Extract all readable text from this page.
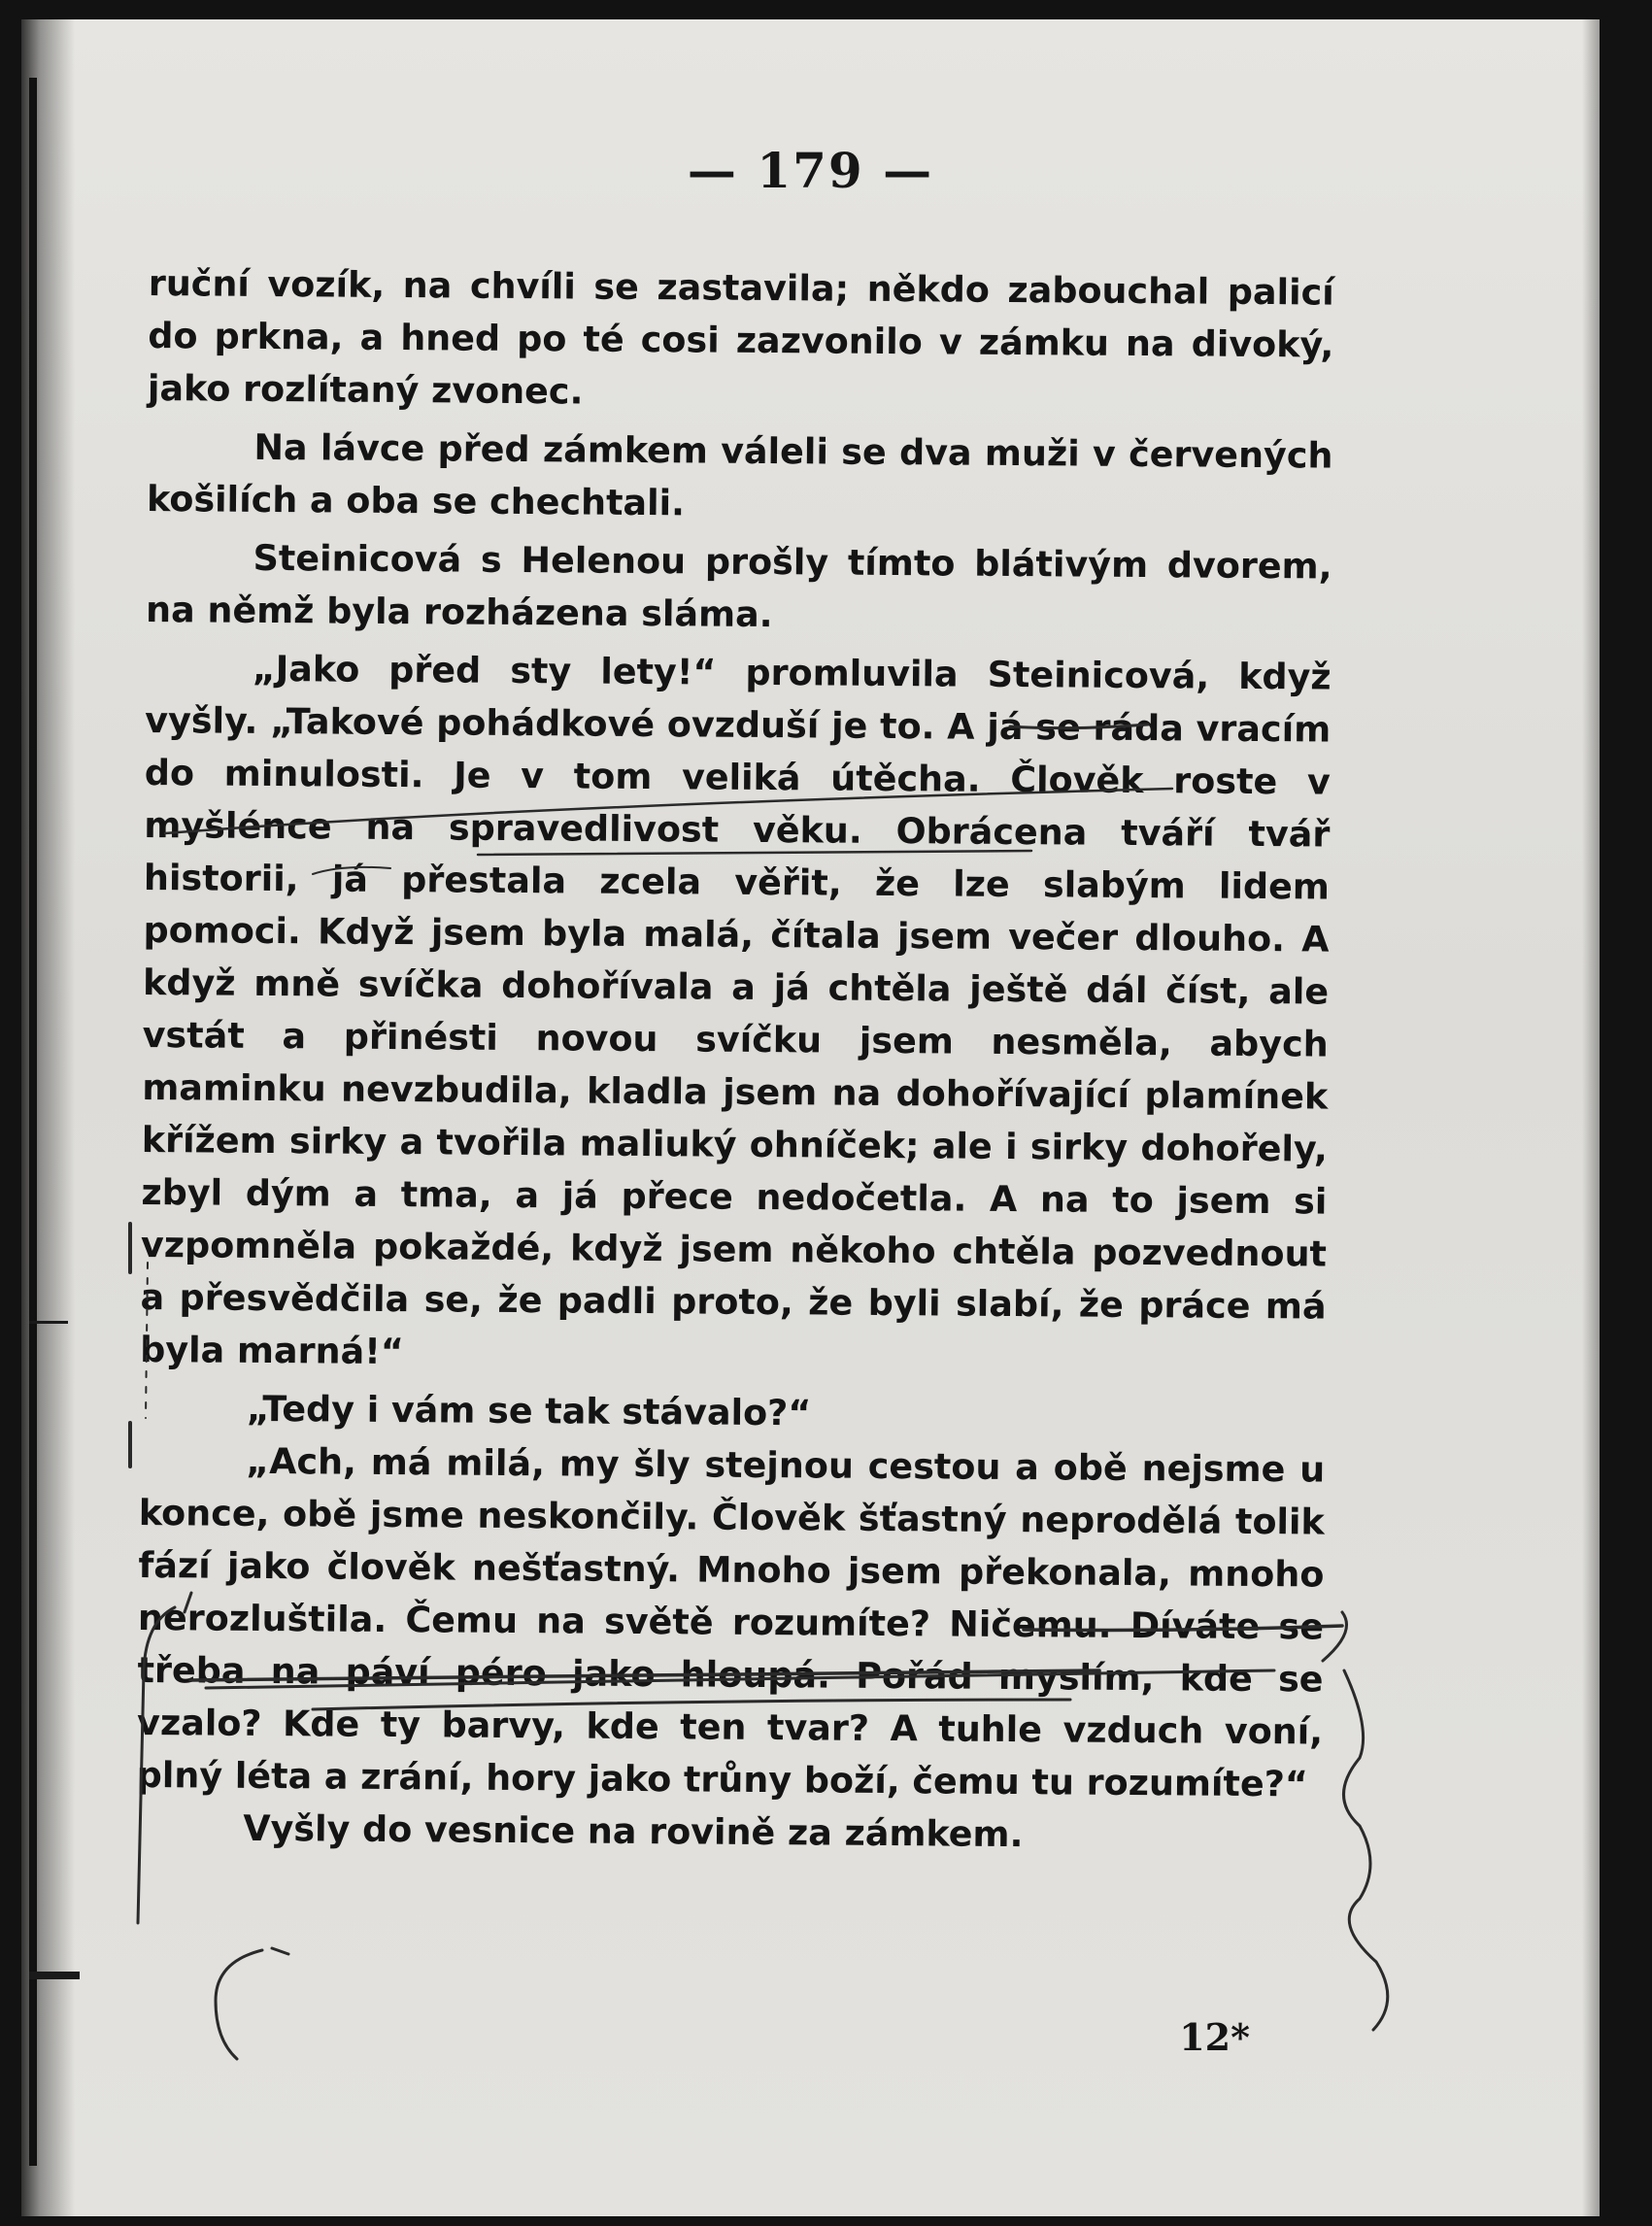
— 179 —

ruční vozík, na chvíli se zastavila; někdo zabouchal palicí do prkna, a hned po té cosi zazvonilo v zámku na divoký, jako rozlítaný zvonec.

Na lávce před zámkem váleli se dva muži v červených košilích a oba se chechtali.

Steinicová s Helenou prošly tímto blátivým dvorem, na němž byla rozházena sláma.

„Jako před sty lety!“ promluvila Steinicová, když vyšly. „Takové pohádkové ovzduší je to. A já se ráda vracím do minulosti. Je v tom veliká útěcha. Člověk roste v myšlénce na spravedlivost věku. Obrácena tváří tvář historii, já přestala zcela věřit, že lze slabým lidem pomoci. Když jsem byla malá, čítala jsem večer dlouho. A když mně svíčka dohořívala a já chtěla ještě dál číst, ale vstát a přinésti novou svíčku jsem nesměla, abych maminku nevzbudila, kladla jsem na dohořívající plamínek křížem sirky a tvořila maliuký ohníček; ale i sirky dohořely, zbyl dým a tma, a já přece nedočetla. A na to jsem si vzpomněla pokaždé, když jsem někoho chtěla pozvednout a přesvědčila se, že padli proto, že byli slabí, že práce má byla marná!“

„Tedy i vám se tak stávalo?“

„Ach, má milá, my šly stejnou cestou a obě nejsme u konce, obě jsme neskončily. Člověk šťastný neprodělá tolik fází jako člověk nešťastný. Mnoho jsem překonala, mnoho nerozluštila. Čemu na světě rozumíte? Ničemu. Díváte se třeba na páví péro jako hloupá. Pořád myslím, kde se vzalo? Kde ty barvy, kde ten tvar? A tuhle vzduch voní, plný léta a zrání, hory jako trůny boží, čemu tu rozumíte?“

Vyšly do vesnice na rovině za zámkem.

12*
